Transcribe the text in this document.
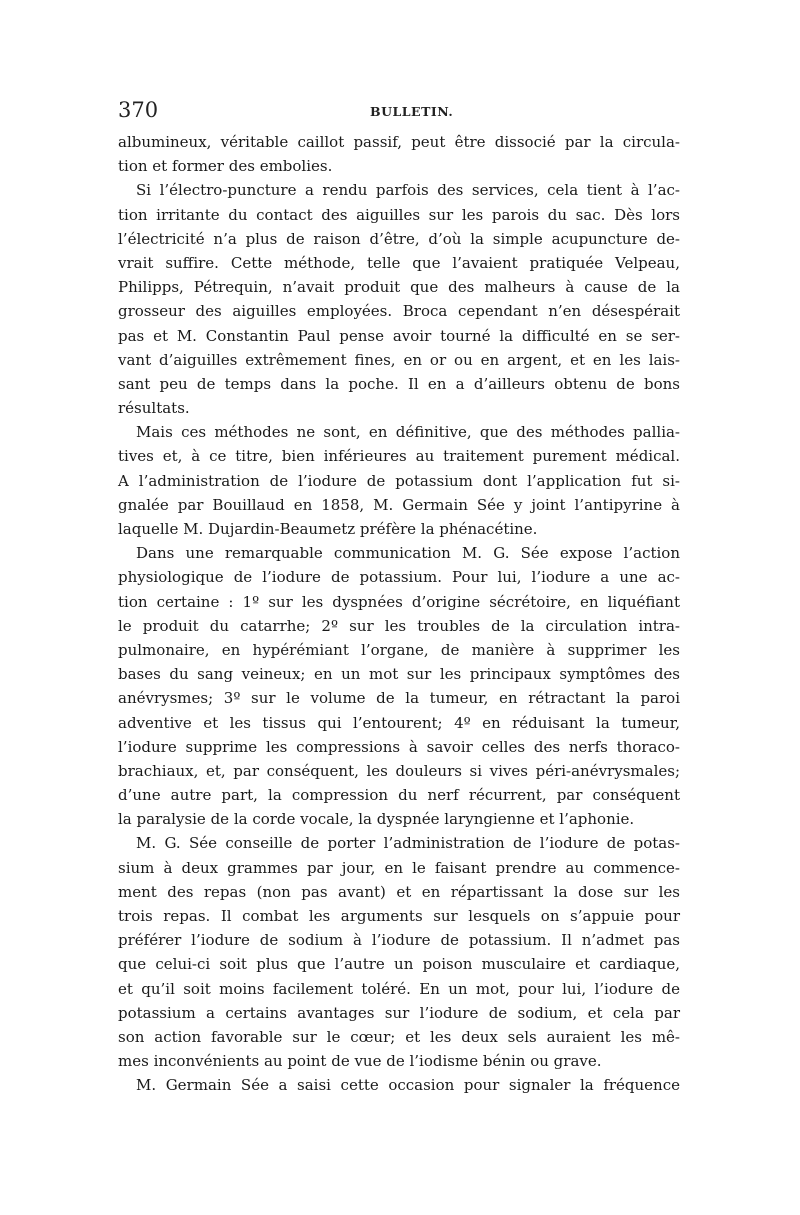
370	BULLETIN.
albumineux, véritable caillot passif, peut être dissocié par la circula-
tion et former des embolies.
Si l’électro-puncture a rendu parfois des services, cela tient à l’ac-
tion irritante du contact des aiguilles sur les parois du sac. Dès lors
l’électricité n’a plus de raison d’être, d’où la simple acupuncture de-
vrait suffire. Cette méthode, telle que l’avaient pratiquée Velpeau,
Philipps, Pétrequin, n’avait produit que des malheurs à cause de la
grosseur des aiguilles employées. Broca cependant n’en désespérait
pas et M. Constantin Paul pense avoir tourné la difficulté en se ser-
vant d’aiguilles extrêmement fines, en or ou en argent, et en les lais-
sant peu de temps dans la poche. Il en a d’ailleurs obtenu de bons
résultats.
Mais ces méthodes ne sont, en définitive, que des méthodes pallia-
tives et, à ce titre, bien inférieures au traitement purement médical.
A l’administration de l’iodure de potassium dont l’application fut si-
gnalée par Bouillaud en 1858, M. Germain Sée y joint l’antipyrine à
laquelle M. Dujardin-Beaumetz préfère la phénacétine.
Dans une remarquable communication M. G. Sée expose l’action
physiologique de l’iodure de potassium. Pour lui, l’iodure a une ac-
tion certaine : 1º sur les dyspnées d’origine sécrétoire, en liquéfiant
le produit du catarrhe; 2º sur les troubles de la circulation intra-
pulmonaire, en hypérémiant l’organe, de manière à supprimer les
bases du sang veineux; en un mot sur les principaux symptômes des
anévrysmes; 3º sur le volume de la tumeur, en rétractant la paroi
adventive et les tissus qui l’entourent; 4º en réduisant la tumeur,
l’iodure supprime les compressions à savoir celles des nerfs thoraco-
brachiaux, et, par conséquent, les douleurs si vives péri-anévrysmales;
d’une autre part, la compression du nerf récurrent, par conséquent
la paralysie de la corde vocale, la dyspnée laryngienne et l’aphonie.
M. G. Sée conseille de porter l’administration de l’iodure de potas-
sium à deux grammes par jour, en le faisant prendre au commence-
ment des repas (non pas avant) et en répartissant la dose sur les
trois repas. Il combat les arguments sur lesquels on s’appuie pour
préférer l’iodure de sodium à l’iodure de potassium. Il n’admet pas
que celui-ci soit plus que l’autre un poison musculaire et cardiaque,
et qu’il soit moins facilement toléré. En un mot, pour lui, l’iodure de
potassium a certains avantages sur l’iodure de sodium, et cela par
son action favorable sur le cœur; et les deux sels auraient les mê-
mes inconvénients au point de vue de l’iodisme bénin ou grave.
M. Germain Sée a saisi cette occasion pour signaler la fréquence
